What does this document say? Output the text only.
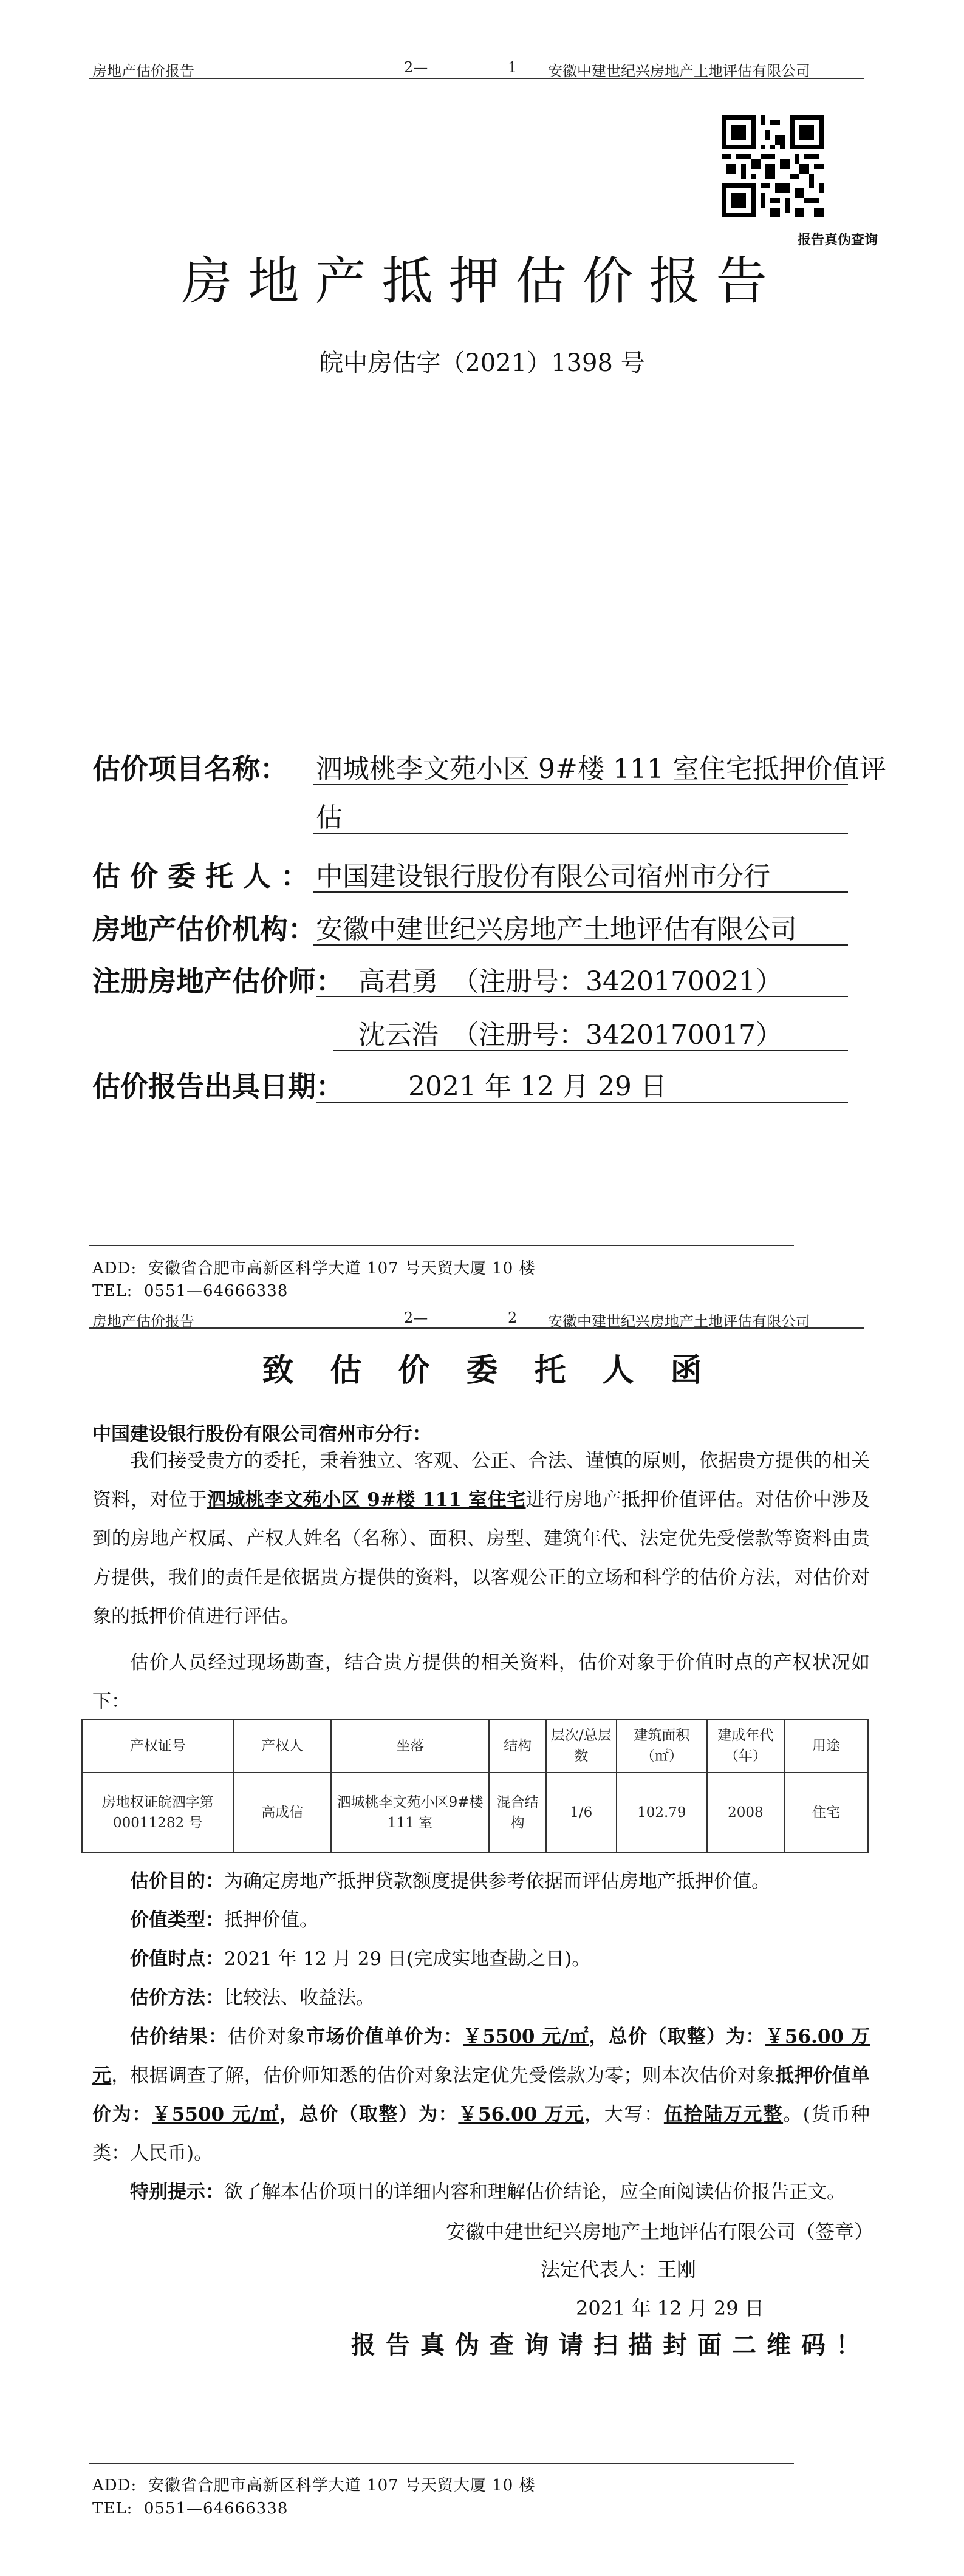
房地产估价报告	2—	1 安徽中建世纪兴房地产土地评估有限公司
报告真伪查询
房地产抵押估价报告
皖中房估字（2021）1398 号
估价项目名称： 泗城桃李文苑小区 9#楼 111 室住宅抵押价值评
估
估 价 委 托 人 ： 中国建设银行股份有限公司宿州市分行
房地产估价机构： 安徽中建世纪兴房地产土地评估有限公司
注册房地产估价师： 高君勇　（注册号：3420170021）
沈云浩　（注册号：3420170017）
估价报告出具日期： 2021 年 12 月 29 日
ADD:  安徽省合肥市高新区科学大道 107 号天贸大厦 10 楼
TEL:  0551—64666338
房地产估价报告	2—	2 安徽中建世纪兴房地产土地评估有限公司
致估价委托人函
中国建设银行股份有限公司宿州市分行：
我们接受贵方的委托，秉着独立、客观、公正、合法、谨慎的原则，依据贵方提供的相关资料，对位于泗城桃李文苑小区 9#楼 111 室住宅进行房地产抵押价值评估。对估价中涉及到的房地产权属、产权人姓名（名称）、面积、房型、建筑年代、法定优先受偿款等资料由贵方提供，我们的责任是依据贵方提供的资料，以客观公正的立场和科学的估价方法，对估价对象的抵押价值进行评估。
估价人员经过现场勘查，结合贵方提供的相关资料，估价对象于价值时点的产权状况如下：
产权证号	产权人	坐落	结构	层次/总层数	建筑面积（㎡）	建成年代（年）	用途
房地权证皖泗字第00011282 号	高成信	泗城桃李文苑小区9#楼 111 室	混合结构	1/6	102.79	2008	住宅
估价目的：为确定房地产抵押贷款额度提供参考依据而评估房地产抵押价值。
价值类型：抵押价值。
价值时点：2021 年 12 月 29 日(完成实地查勘之日)。
估价方法：比较法、收益法。
估价结果：估价对象市场价值单价为：￥5500 元/㎡，总价（取整）为：￥56.00 万元，根据调查了解，估价师知悉的估价对象法定优先受偿款为零；则本次估价对象抵押价值单价为：￥5500 元/㎡，总价（取整）为：￥56.00 万元，大写：伍拾陆万元整。(货币种类：人民币)。
特别提示：欲了解本估价项目的详细内容和理解估价结论，应全面阅读估价报告正文。
安徽中建世纪兴房地产土地评估有限公司（签章）
法定代表人：王刚
2021 年 12 月 29 日
报告真伪查询请扫描封面二维码！
ADD:  安徽省合肥市高新区科学大道 107 号天贸大厦 10 楼
TEL:  0551—64666338
